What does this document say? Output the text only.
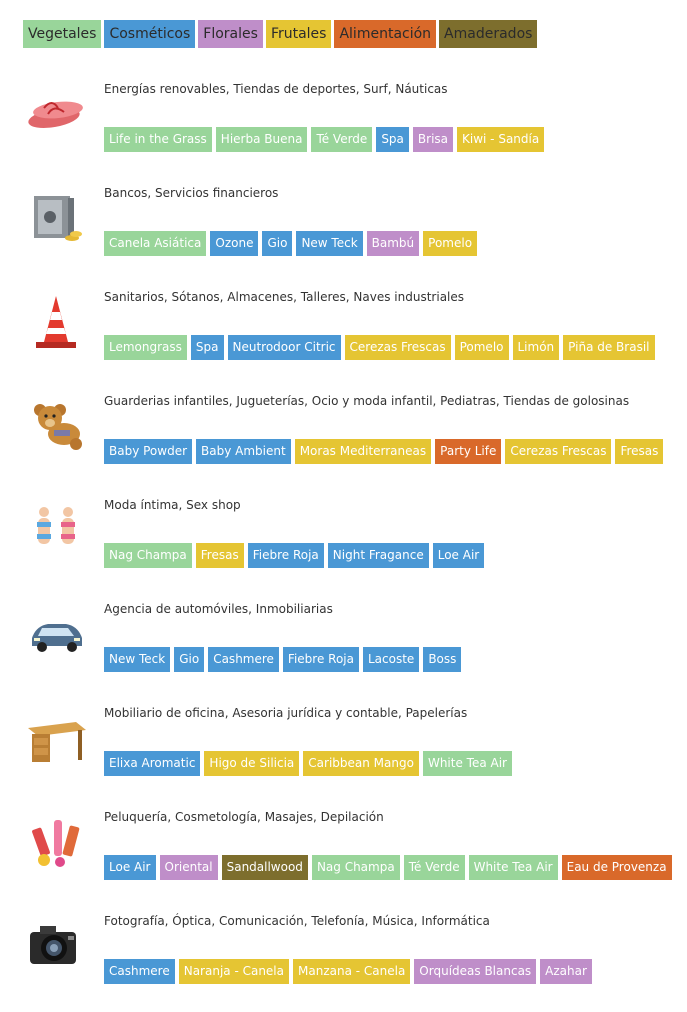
Vegetales Cosméticos Florales Frutales Alimentación Amaderados
Energías renovables, Tiendas de deportes, Surf, Náuticas
Life in the Grass	Hierba Buena	Té Verde	Spa	Brisa	Kiwi - Sandía
Bancos, Servicios financieros
Canela Asiática	Ozone	Gio	New Teck	Bambú	Pomelo
Sanitarios, Sótanos, Almacenes, Talleres, Naves industriales
Lemongrass	Spa	Neutrodoor Citric	Cerezas Frescas	Pomelo	Limón	Piña de Brasil
Guarderias infantiles, Jugueterías, Ocio y moda infantil, Pediatras, Tiendas de golosinas
Baby Powder	Baby Ambient	Moras Mediterraneas	Party Life	Cerezas Frescas	Fresas
Moda íntima, Sex shop
Nag Champa	Fresas	Fiebre Roja	Night Fragance	Loe Air
Agencia de automóviles, Inmobiliarias
New Teck	Gio	Cashmere	Fiebre Roja	Lacoste	Boss
Mobiliario de oficina, Asesoria jurídica y contable, Papelerías
Elixa Aromatic	Higo de Silicia	Caribbean Mango	White Tea Air
Peluquería, Cosmetología, Masajes, Depilación
Loe Air	Oriental	Sandallwood	Nag Champa	Té Verde	White Tea Air	Eau de Provenza
Fotografía, Óptica, Comunicación, Telefonía, Música, Informática
Cashmere	Naranja - Canela	Manzana - Canela	Orquídeas Blancas	Azahar
